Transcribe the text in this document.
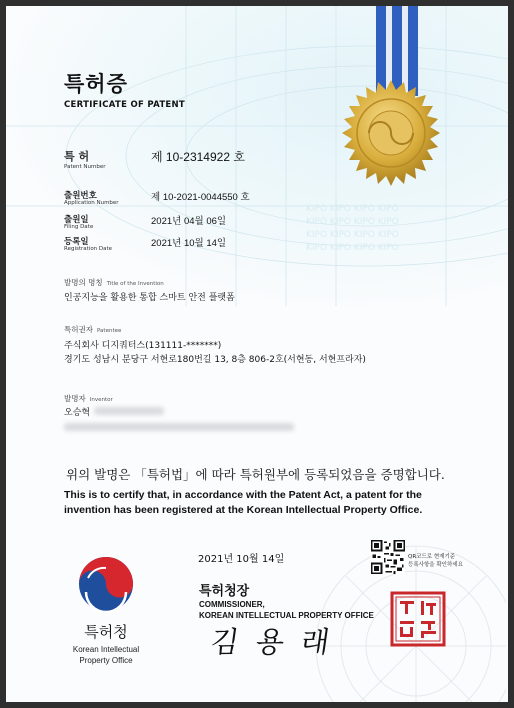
KIPO KIPO KIPO KIPO
KIPO KIPO KIPO KIPO
KIPO KIPO KIPO KIPO
KIPO KIPO KIPO KIPO
특허증
CERTIFICATE OF PATENT
특 허
Patent Number
제 10-2314922 호
출원번호
Application Number	제 10-2021-0044550 호
출원일
Filing Date	2021년 04월 06일
등록일
Registration Date	2021년 10월 14일
발명의 명칭 Title of the Invention
인공지능을 활용한 통합 스마트 안전 플랫폼
특허권자 Patentee
주식회사 디지쿼터스(131111-*******)
경기도 성남시 분당구 서현로180번길 13, 8층 806-2호(서현동, 서현프라자)
발명자 Inventor
오승혁
위의 발명은 「특허법」에 따라 특허원부에 등록되었음을 증명합니다.
This is to certify that, in accordance with the Patent Act, a patent for the invention has been registered at the Korean Intellectual Property Office.
2021년 10월 14일
특허청장
COMMISSIONER,
KOREAN INTELLECTUAL PROPERTY OFFICE
김 용 래
특허청
Korean Intellectual
Property Office
QR코드로 현재기준
등록사항을 확인하세요
